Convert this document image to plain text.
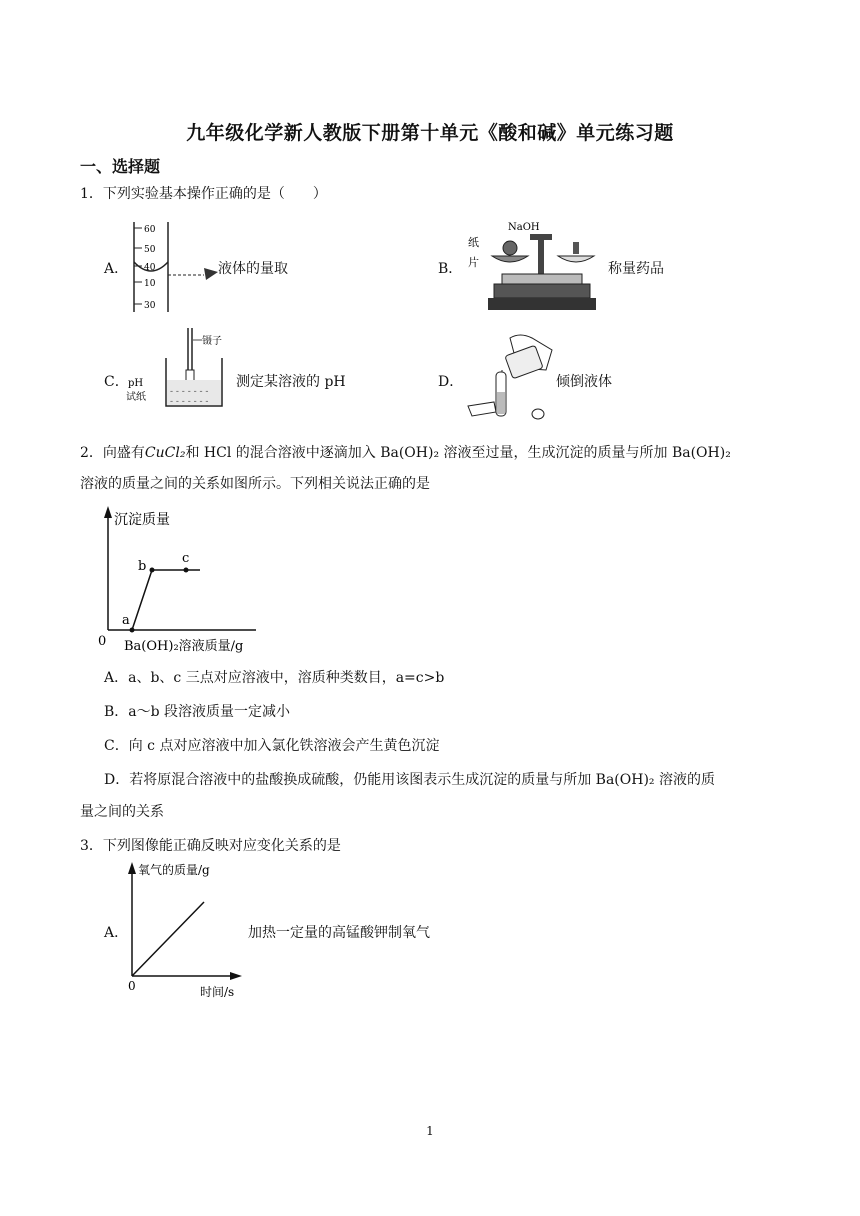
九年级化学新人教版下册第十单元《酸和碱》单元练习题
一、选择题
1．下列实验基本操作正确的是（　　）
A．
60
50
40
10
30
液体的量取	B．
NaOH
纸
片	称量药品
C．
镊子
pH
试纸	- - - - - - -
- - - - - - -
测定某溶液的 pH	D．	倾倒液体
2．向盛有CuCl₂和 HCl 的混合溶液中逐滴加入 Ba(OH)₂ 溶液至过量，生成沉淀的质量与所加 Ba(OH)₂
溶液的质量之间的关系如图所示。下列相关说法正确的是
沉淀质量
0 Ba(OH)₂溶液质量/g
a
b
c
A．a、b、c 三点对应溶液中，溶质种类数目，a=c>b
B．a～b 段溶液质量一定减小
C．向 c 点对应溶液中加入氯化铁溶液会产生黄色沉淀
D．若将原混合溶液中的盐酸换成硫酸，仍能用该图表示生成沉淀的质量与所加 Ba(OH)₂ 溶液的质
量之间的关系
3．下列图像能正确反映对应变化关系的是
A．
氧气的质量/g
0	时间/s
加热一定量的高锰酸钾制氧气
1
